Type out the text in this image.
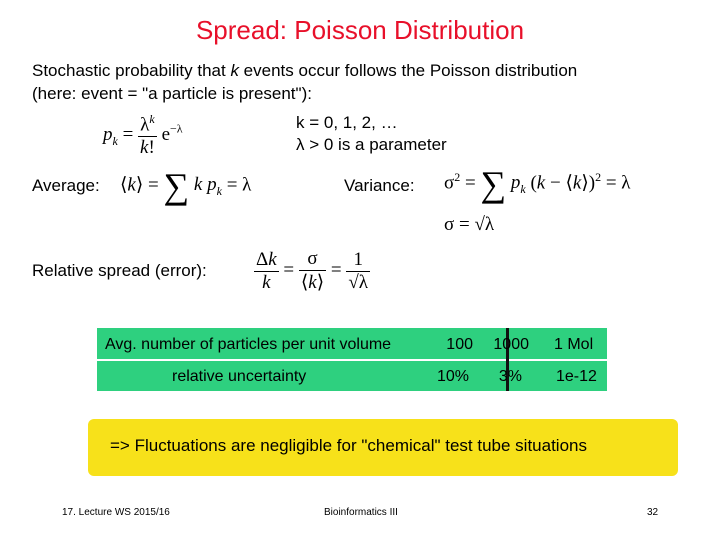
Spread: Poisson Distribution
Stochastic probability that k events occur follows the Poisson distribution
(here: event = "a particle is present"):
$p_k = \frac{\lambda^k}{k!} e^{-\lambda}$	k = 0, 1, 2, …
λ > 0 is a parameter
Average: ⟨k⟩ = ∑ k $p_k = \lambda$	Variance: $\sigma^2$ = ∑ $p_k$ (k − ⟨k⟩)$^2$ = λ
σ = √λ
Relative spread (error): $\frac{\Delta k}{k} = \frac{\sigma}{⟨k⟩} = \frac{1}{√\lambda}$
Avg. number of particles per unit volume	100 1000 1 Mol
relative uncertainty	10%	3% 1e-12
=> Fluctuations are negligible for "chemical" test tube situations
17. Lecture WS 2015/16	Bioinformatics III	32
